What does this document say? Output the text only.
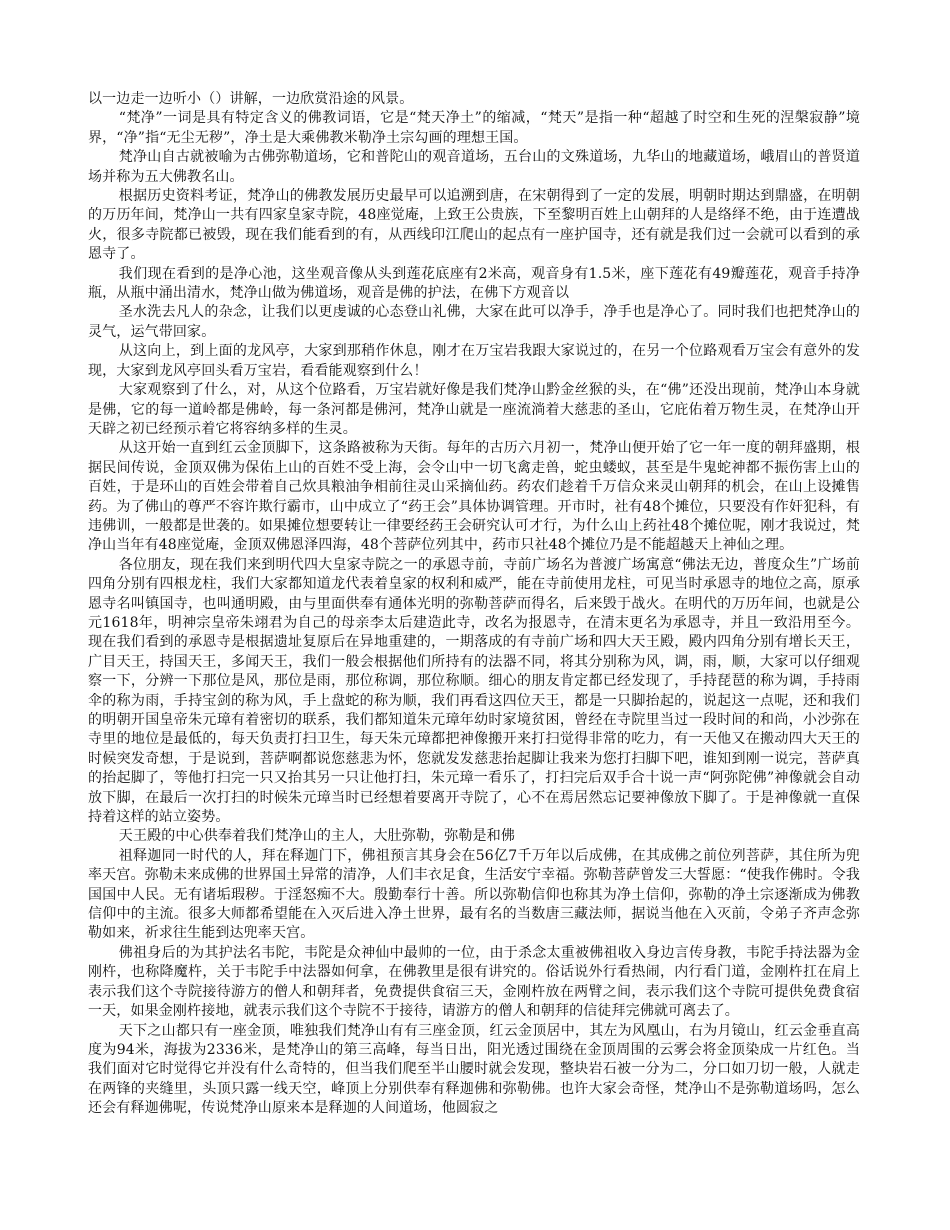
以一边走一边听小（）讲解，一边欣赏沿途的风景。

“梵净”一词是具有特定含义的佛教词语，它是“梵天净土”的缩减，“梵天”是指一种“超越了时空和生死的涅槃寂静”境界，“净”指“无尘无秽”，净土是大乘佛教米勒净土宗勾画的理想王国。

梵净山自古就被喻为古佛弥勒道场，它和普陀山的观音道场，五台山的文殊道场，九华山的地藏道场，峨眉山的普贤道场并称为五大佛教名山。

根据历史资料考证，梵净山的佛教发展历史最早可以追溯到唐，在宋朝得到了一定的发展，明朝时期达到鼎盛，在明朝的万历年间，梵净山一共有四家皇家寺院，48座觉庵，上致王公贵族，下至黎明百姓上山朝拜的人是络绎不绝，由于连遭战火，很多寺院都已被毁，现在我们能看到的有，从西线印江爬山的起点有一座护国寺，还有就是我们过一会就可以看到的承恩寺了。

我们现在看到的是净心池，这坐观音像从头到莲花底座有2米高，观音身有1.5米，座下莲花有49瓣莲花，观音手持净瓶，从瓶中涌出清水，梵净山做为佛道场，观音是佛的护法，在佛下方观音以

圣水洗去凡人的杂念，让我们以更虔诚的心态登山礼佛，大家在此可以净手，净手也是净心了。同时我们也把梵净山的灵气，运气带回家。

从这向上，到上面的龙风亭，大家到那稍作休息，刚才在万宝岩我跟大家说过的，在另一个位路观看万宝会有意外的发现，大家到龙风亭回头看万宝岩，看看能观察到什么！

大家观察到了什么，对，从这个位路看，万宝岩就好像是我们梵净山黔金丝猴的头，在“佛”还没出现前，梵净山本身就是佛，它的每一道岭都是佛岭，每一条河都是佛河，梵净山就是一座流淌着大慈悲的圣山，它庇佑着万物生灵，在梵净山开天辟之初已经预示着它将容纳多样的生灵。

从这开始一直到红云金顶脚下，这条路被称为天街。每年的古历六月初一，梵净山便开始了它一年一度的朝拜盛期，根据民间传说，金顶双佛为保佑上山的百姓不受上海，会令山中一切飞禽走兽，蛇虫蝼蚁，甚至是牛鬼蛇神都不振伤害上山的百姓，于是环山的百姓会带着自己炊具粮油争相前往灵山采摘仙药。药农们趁着千万信众来灵山朝拜的机会，在山上设摊售药。为了佛山的尊严不容许欺行霸市，山中成立了“药王会”具体协调管理。开市时，社有48个摊位，只要没有作奸犯科，有违佛训，一般都是世袭的。如果摊位想要转让一律要经药王会研究认可才行，为什么山上药社48个摊位呢，刚才我说过，梵净山当年有48座觉庵，金顶双佛恩泽四海，48个菩萨位列其中，药市只社48个摊位乃是不能超越天上神仙之理。

各位朋友，现在我们来到明代四大皇家寺院之一的承恩寺前，寺前广场名为普渡广场寓意“佛法无边，普度众生”广场前四角分别有四根龙柱，我们大家都知道龙代表着皇家的权利和威严，能在寺前使用龙柱，可见当时承恩寺的地位之高，原承恩寺名叫镇国寺，也叫通明殿，由与里面供奉有通体光明的弥勒菩萨而得名，后来毁于战火。在明代的万历年间，也就是公元1618年，明神宗皇帝朱翊君为自己的母亲李太后建造此寺，改名为报恩寺，在清末更名为承恩寺，并且一致沿用至今。现在我们看到的承恩寺是根据遗址复原后在异地重建的，一期落成的有寺前广场和四大天王殿，殿内四角分别有增长天王，广目天王，持国天王，多闻天王，我们一般会根据他们所持有的法器不同，将其分别称为风，调，雨，顺，大家可以仔细观察一下，分辨一下那位是风，那位是雨，那位称调，那位称顺。细心的朋友肯定都已经发现了，手持琵琶的称为调，手持雨伞的称为雨，手持宝剑的称为风，手上盘蛇的称为顺，我们再看这四位天王，都是一只脚抬起的，说起这一点呢，还和我们的明朝开国皇帝朱元璋有着密切的联系，我们都知道朱元璋年幼时家境贫困，曾经在寺院里当过一段时间的和尚，小沙弥在寺里的地位是最低的，每天负责打扫卫生，每天朱元璋都把神像搬开来打扫觉得非常的吃力，有一天他又在搬动四大天王的时候突发奇想，于是说到，菩萨啊都说您慈悲为怀，您就发发慈悲抬起脚让我来为您打扫脚下吧，谁知到刚一说完，菩萨真的抬起脚了，等他打扫完一只又抬其另一只让他打扫，朱元璋一看乐了，打扫完后双手合十说一声“阿弥陀佛”神像就会自动放下脚，在最后一次打扫的时候朱元璋当时已经想着要离开寺院了，心不在焉居然忘记要神像放下脚了。于是神像就一直保持着这样的站立姿势。

天王殿的中心供奉着我们梵净山的主人，大肚弥勒，弥勒是和佛

祖释迦同一时代的人，拜在释迦门下，佛祖预言其身会在56亿7千万年以后成佛，在其成佛之前位列菩萨，其住所为兜率天宫。弥勒未来成佛的世界国土异常的清净，人们丰衣足食，生活安宁幸福。弥勒菩萨曾发三大誓愿：“使我作佛时。令我国国中人民。无有诸垢瑕秽。于淫怒痴不大。殷勤奉行十善。所以弥勒信仰也称其为净土信仰，弥勒的净土宗逐渐成为佛教信仰中的主流。很多大师都希望能在入灭后进入净土世界，最有名的当数唐三藏法师，据说当他在入灭前，令弟子齐声念弥勒如来，祈求往生能到达兜率天宫。

佛祖身后的为其护法名韦陀，韦陀是众神仙中最帅的一位，由于杀念太重被佛祖收入身边言传身教，韦陀手持法器为金刚杵，也称降魔杵，关于韦陀手中法器如何拿，在佛教里是很有讲究的。俗话说外行看热闹，内行看门道，金刚杵扛在肩上表示我们这个寺院接待游方的僧人和朝拜者，免费提供食宿三天，金刚杵放在两臂之间，表示我们这个寺院可提供免费食宿一天，如果金刚杵接地，就表示我们这个寺院不于接待，请游方的僧人和朝拜的信徒拜完佛就可离去了。

天下之山都只有一座金顶，唯独我们梵净山有有三座金顶，红云金顶居中，其左为风凰山，右为月镜山，红云金垂直高度为94米，海拔为2336米，是梵净山的第三高峰，每当日出，阳光透过围绕在金顶周围的云雾会将金顶染成一片红色。当我们面对它时觉得它并没有什么奇特的，但当我们爬至半山腰时就会发现，整块岩石被一分为二，分口如刀切一般，人就走在两锋的夹缝里，头顶只露一线天空，峰顶上分别供奉有释迦佛和弥勒佛。也许大家会奇怪，梵净山不是弥勒道场吗，怎么还会有释迦佛呢，传说梵净山原来本是释迦的人间道场，他圆寂之
